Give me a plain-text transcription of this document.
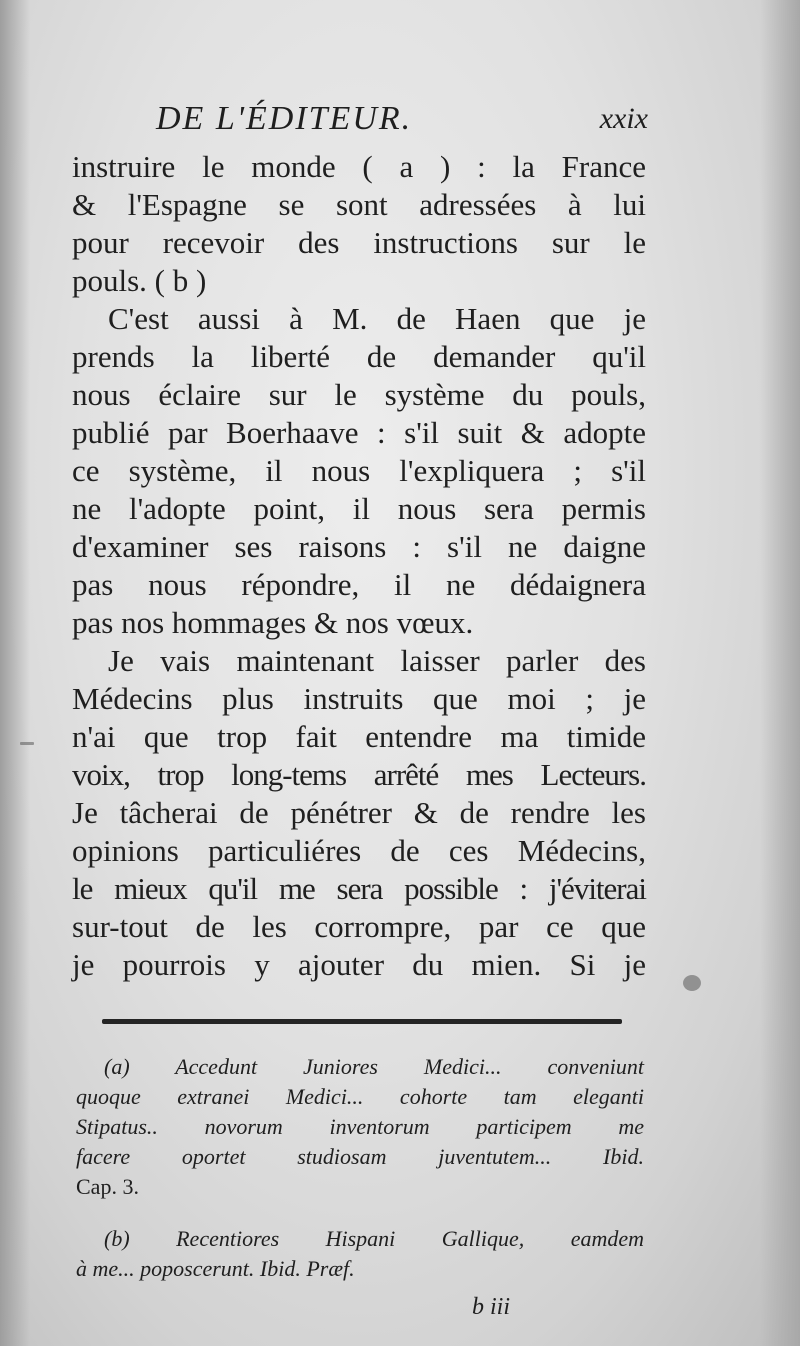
DE L'ÉDITEUR.	xxix
instruire le monde ( a ) : la France
& l'Espagne se sont adressées à lui
pour recevoir des instructions sur le
pouls. ( b )
C'est aussi à M. de Haen que je
prends la liberté de demander qu'il
nous éclaire sur le système du pouls,
publié par Boerhaave : s'il suit & adopte
ce système, il nous l'expliquera ; s'il
ne l'adopte point, il nous sera permis
d'examiner ses raisons : s'il ne daigne
pas nous répondre, il ne dédaignera
pas nos hommages & nos vœux.
Je vais maintenant laisser parler des
Médecins plus instruits que moi ; je
n'ai que trop fait entendre ma timide
voix, trop long-tems arrêté mes Lecteurs.
Je tâcherai de pénétrer & de rendre les
opinions particuliéres de ces Médecins,
le mieux qu'il me sera possible : j'éviterai
sur-tout de les corrompre, par ce que
je pourrois y ajouter du mien. Si je
(a) Accedunt Juniores Medici... conveniunt
quoque extranei Medici... cohorte tam eleganti
Stipatus.. novorum inventorum participem me
facere oportet studiosam juventutem... Ibid.
Cap. 3.
(b) Recentiores Hispani Gallique, eamdem
à me... poposcerunt. Ibid. Præf.
b iii
